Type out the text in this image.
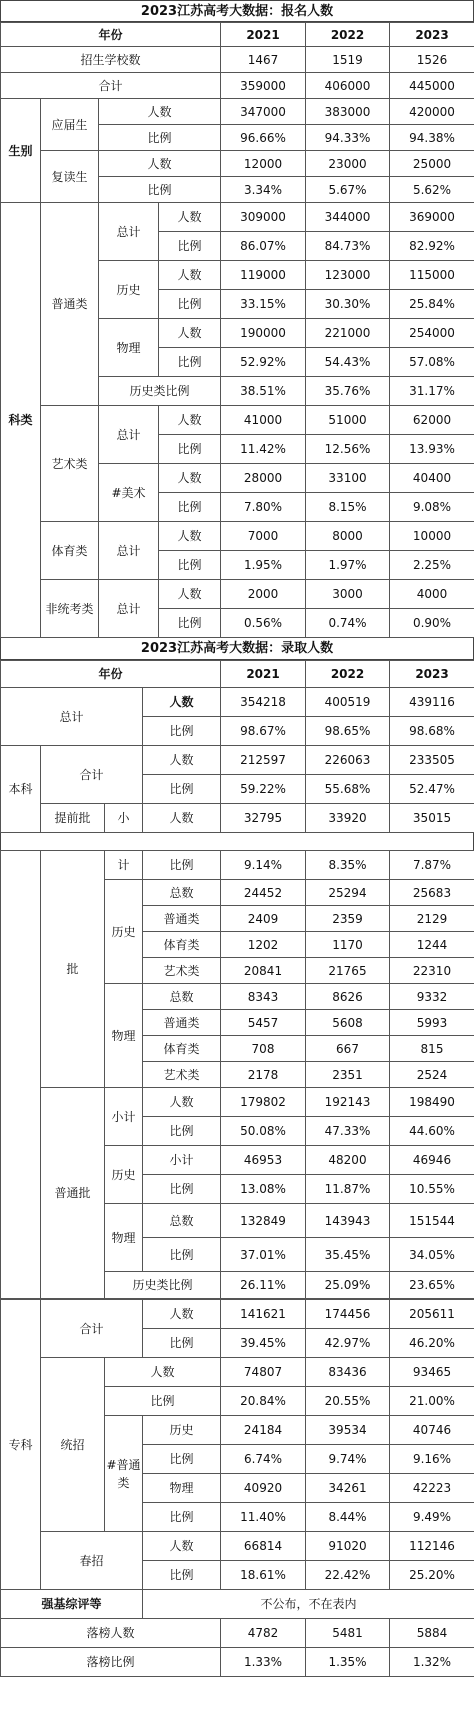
2023江苏高考大数据：报名人数
年份				2021	2022	2023
招生学校数				1467	1519	1526
合计				359000	406000	445000
生别	应届生	人数		347000	383000	420000
		比例		96.66%	94.33%	94.38%
	复读生	人数		12000	23000	25000
		比例		3.34%	5.67%	5.62%
科类	普通类	总计	人数	309000	344000	369000
			比例	86.07%	84.73%	82.92%
		历史	人数	119000	123000	115000
			比例	33.15%	30.30%	25.84%
		物理	人数	190000	221000	254000
			比例	52.92%	54.43%	57.08%
		历史类比例		38.51%	35.76%	31.17%
	艺术类	总计	人数	41000	51000	62000
			比例	11.42%	12.56%	13.93%
		#美术	人数	28000	33100	40400
			比例	7.80%	8.15%	9.08%
	体育类	总计	人数	7000	8000	10000
			比例	1.95%	1.97%	2.25%
	非统考类	总计	人数	2000	3000	4000
			比例	0.56%	0.74%	0.90%
2023江苏高考大数据：录取人数
年份				2021	2022	2023
总计			人数	354218	400519	439116
			比例	98.67%	98.65%	98.68%
本科	合计		人数	212597	226063	233505
			比例	59.22%	55.68%	52.47%
	提前批	小	人数	32795	33920	35015
	批	计	比例	9.14%	8.35%	7.87%
		历史	总数	24452	25294	25683
			普通类	2409	2359	2129
			体育类	1202	1170	1244
			艺术类	20841	21765	22310
		物理	总数	8343	8626	9332
			普通类	5457	5608	5993
			体育类	708	667	815
			艺术类	2178	2351	2524
	普通批	小计	人数	179802	192143	198490
			比例	50.08%	47.33%	44.60%
		历史	小计	46953	48200	46946
			比例	13.08%	11.87%	10.55%
		物理	总数	132849	143943	151544
			比例	37.01%	35.45%	34.05%
		历史类比例		26.11%	25.09%	23.65%
专科	合计		人数	141621	174456	205611
			比例	39.45%	42.97%	46.20%
	统招	人数		74807	83436	93465
		比例		20.84%	20.55%	21.00%
		#普通类	历史	24184	39534	40746
			比例	6.74%	9.74%	9.16%
			物理	40920	34261	42223
			比例	11.40%	8.44%	9.49%
	春招		人数	66814	91020	112146
			比例	18.61%	22.42%	25.20%
强基综评等			不公布，不在表内			
落榜人数				4782	5481	5884
落榜比例				1.33%	1.35%	1.32%
